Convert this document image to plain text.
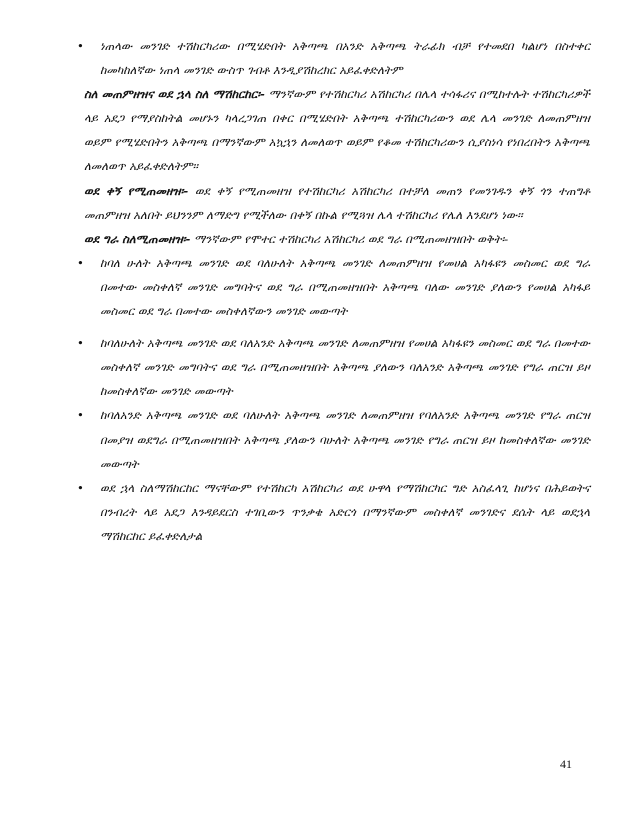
• ነጠላው መንገድ ተሽከርካሪው በሚሄድበት አቅጣጫ በአንድ አቅጣጫ ትራፊክ ብቻ የተመደበ ካልሆነ በስተቀር ከመካከለኛው ነጠላ መንገድ ውስጥ ገብቶ እንዲያሽከረክር አይፈቀድለትም

ስለ መጠምዘዝና ወደ ኋላ ስለ ማሽከርከር፡- ማንኛውም የተሽከርካሪ አሽከርካሪ በሌላ ተሳፋሪና በሚከተሉት ተሽከርካሪዎች ላይ አደጋ የማያስከትል መሆኑን ካላረጋገጠ በቀር በሚሄድበት አቅጣጫ ተሽከርካሪውን ወደ ሌላ መንገድ ለመጠምዘዝ ወይም የሚሄድበትን አቅጣጫ በማንኛውም አኳኋን ለመለወጥ ወይም የቆመ ተሽከርካሪውን ሲያስነሳ የነበረበትን አቅጣጫ ለመለወጥ አይፈቀድለትም፡፡

ወደ ቀኝ የሚጠመዘዝ፡- ወደ ቀኝ የሚጠመዘዝ የተሽከርካሪ አሽከርካሪ በተቻለ መጠን የመንገዱን ቀኝ ጎን ተጠግቶ መጠምዘዝ አለበት ይህንንም ለማድግ የሚችለው በቀኝ በኩል የሚጓዝ ሌላ ተሽከርካሪ የሌለ እንደሆነ ነው፡፡

ወደ ግራ ስለሚጠመዘዝ፡- ማንኛውም የሞተር ተሽከርካሪ አሽከርካሪ ወደ ግራ በሚጠመዘዝበት ወቅት፡-

• ከባለ ሁለት አቅጣጫ መንገድ ወደ ባለሁለት አቅጣጫ መንገድ ለመጠምዘዝ የመሀል አካፋዩን መስመር ወደ ግራ በመተው መስቀለኛ መንገድ መግባትና ወደ ግራ በሚጠመዘዝበት አቅጣጫ ባለው መንገድ ያለውን የመሀል አካፋይ መስመር ወደ ግራ በመተው መስቀለኛውን መንገድ መውጣት
• ከባለሁለት አቅጣጫ መንገድ ወደ ባለአንድ አቅጣጫ መንገድ ለመጠምዘዝ የመሀል አካፋዩን መስመር ወደ ግራ በመተው መስቀለኛ መንገድ መግባትና ወደ ግራ በሚጠመዘዝበት አቅጣጫ ያለውን ባለአንድ አቅጣጫ መንገድ የግራ ጠርዝ ይዞ ከመስቀለኛው መንገድ መውጣት
• ከባለአንድ አቅጣጫ መንገድ ወደ ባለሁለት አቅጣጫ መንገድ ለመጠምዘዝ የባለአንድ አቅጣጫ መንገድ የግራ ጠርዝ በመያዝ ወደግራ በሚጠመዘዝበት አቅጣጫ ያለውን ባሁለት አቅጣጫ መንገድ የግራ ጠርዝ ይዞ ከመስቀለኛው መንገድ መውጣት
• ወደ ኋላ ስለማሽከርከር ማናቸውም የተሽከርካ አሽከርካሪ ወደ ሁዋላ የማሽከርካር ግድ አስፈላጊ ከሆነና በሕይወትና በንብረት ላይ አደጋ እንዳይደርስ ተገቢውን ጥንቃቄ አድርጎ በማንኛውም መስቀለኛ መንገድና ደሴት ላይ ወደኋላ ማሽከርከር ይፈቀድለታል
41
